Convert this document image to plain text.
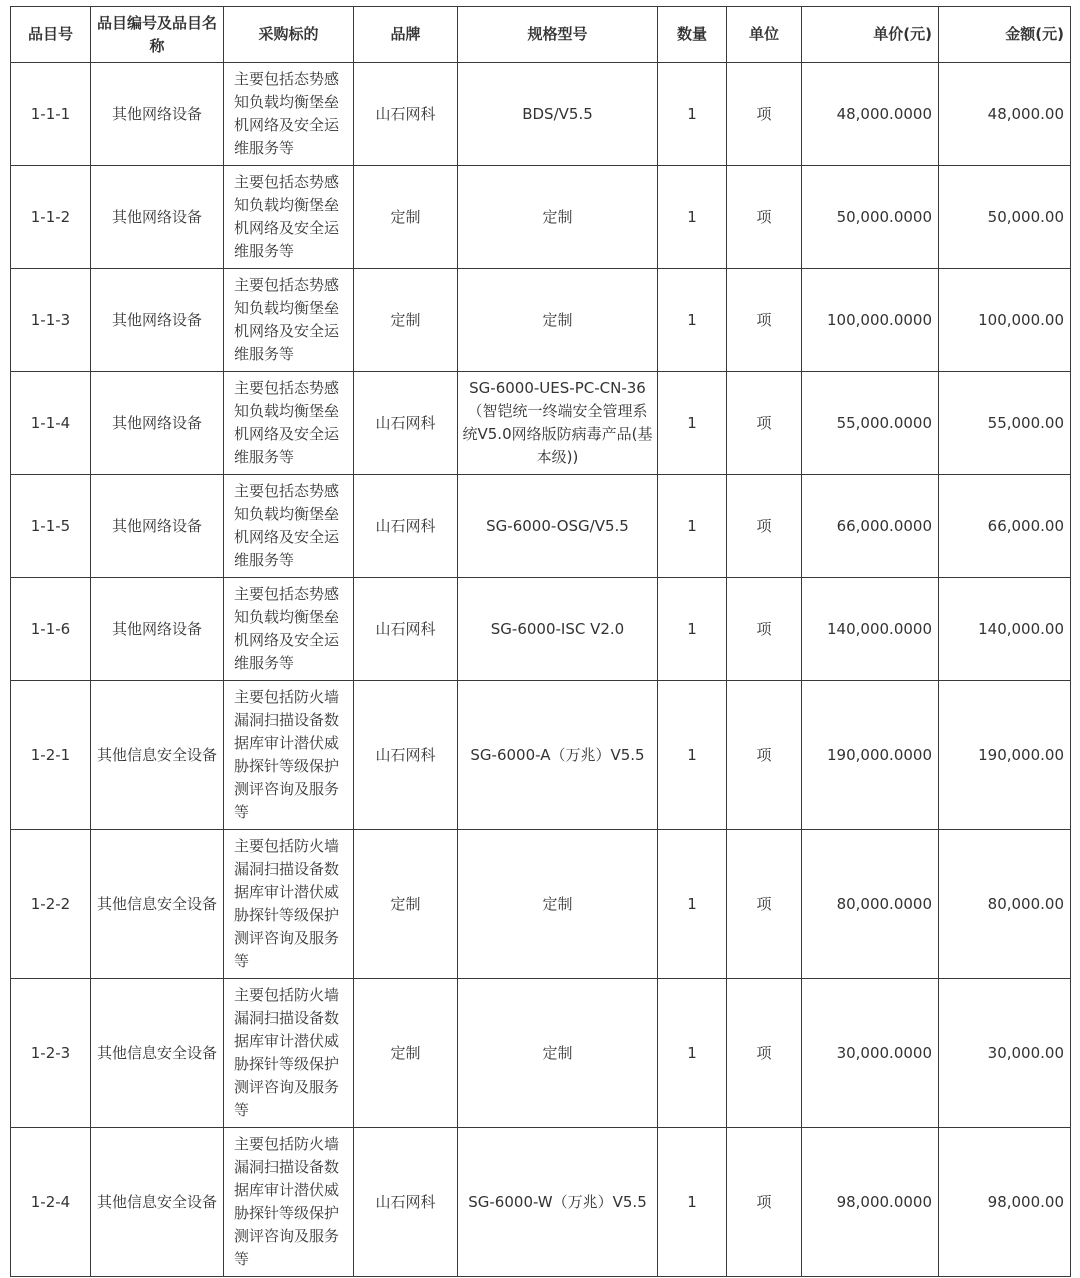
品目号	品目编号及品目名称	采购标的	品牌	规格型号	数量	单位	单价(元)	金额(元)
1-1-1	其他网络设备	主要包括态势感知负载均衡堡垒机网络及安全运维服务等	山石网科	BDS/V5.5	1	项	48,000.0000	48,000.00
1-1-2	其他网络设备	主要包括态势感知负载均衡堡垒机网络及安全运维服务等	定制	定制	1	项	50,000.0000	50,000.00
1-1-3	其他网络设备	主要包括态势感知负载均衡堡垒机网络及安全运维服务等	定制	定制	1	项	100,000.0000	100,000.00
1-1-4	其他网络设备	主要包括态势感知负载均衡堡垒机网络及安全运维服务等	山石网科	SG-6000-UES-PC-CN-36（智铠统一终端安全管理系统V5.0网络版防病毒产品(基本级))	1	项	55,000.0000	55,000.00
1-1-5	其他网络设备	主要包括态势感知负载均衡堡垒机网络及安全运维服务等	山石网科	SG-6000-OSG/V5.5	1	项	66,000.0000	66,000.00
1-1-6	其他网络设备	主要包括态势感知负载均衡堡垒机网络及安全运维服务等	山石网科	SG-6000-ISC V2.0	1	项	140,000.0000	140,000.00
1-2-1	其他信息安全设备	主要包括防火墙漏洞扫描设备数据库审计潜伏威胁探针等级保护测评咨询及服务等	山石网科	SG-6000-A（万兆）V5.5	1	项	190,000.0000	190,000.00
1-2-2	其他信息安全设备	主要包括防火墙漏洞扫描设备数据库审计潜伏威胁探针等级保护测评咨询及服务等	定制	定制	1	项	80,000.0000	80,000.00
1-2-3	其他信息安全设备	主要包括防火墙漏洞扫描设备数据库审计潜伏威胁探针等级保护测评咨询及服务等	定制	定制	1	项	30,000.0000	30,000.00
1-2-4	其他信息安全设备	主要包括防火墙漏洞扫描设备数据库审计潜伏威胁探针等级保护测评咨询及服务等	山石网科	SG-6000-W（万兆）V5.5	1	项	98,000.0000	98,000.00
